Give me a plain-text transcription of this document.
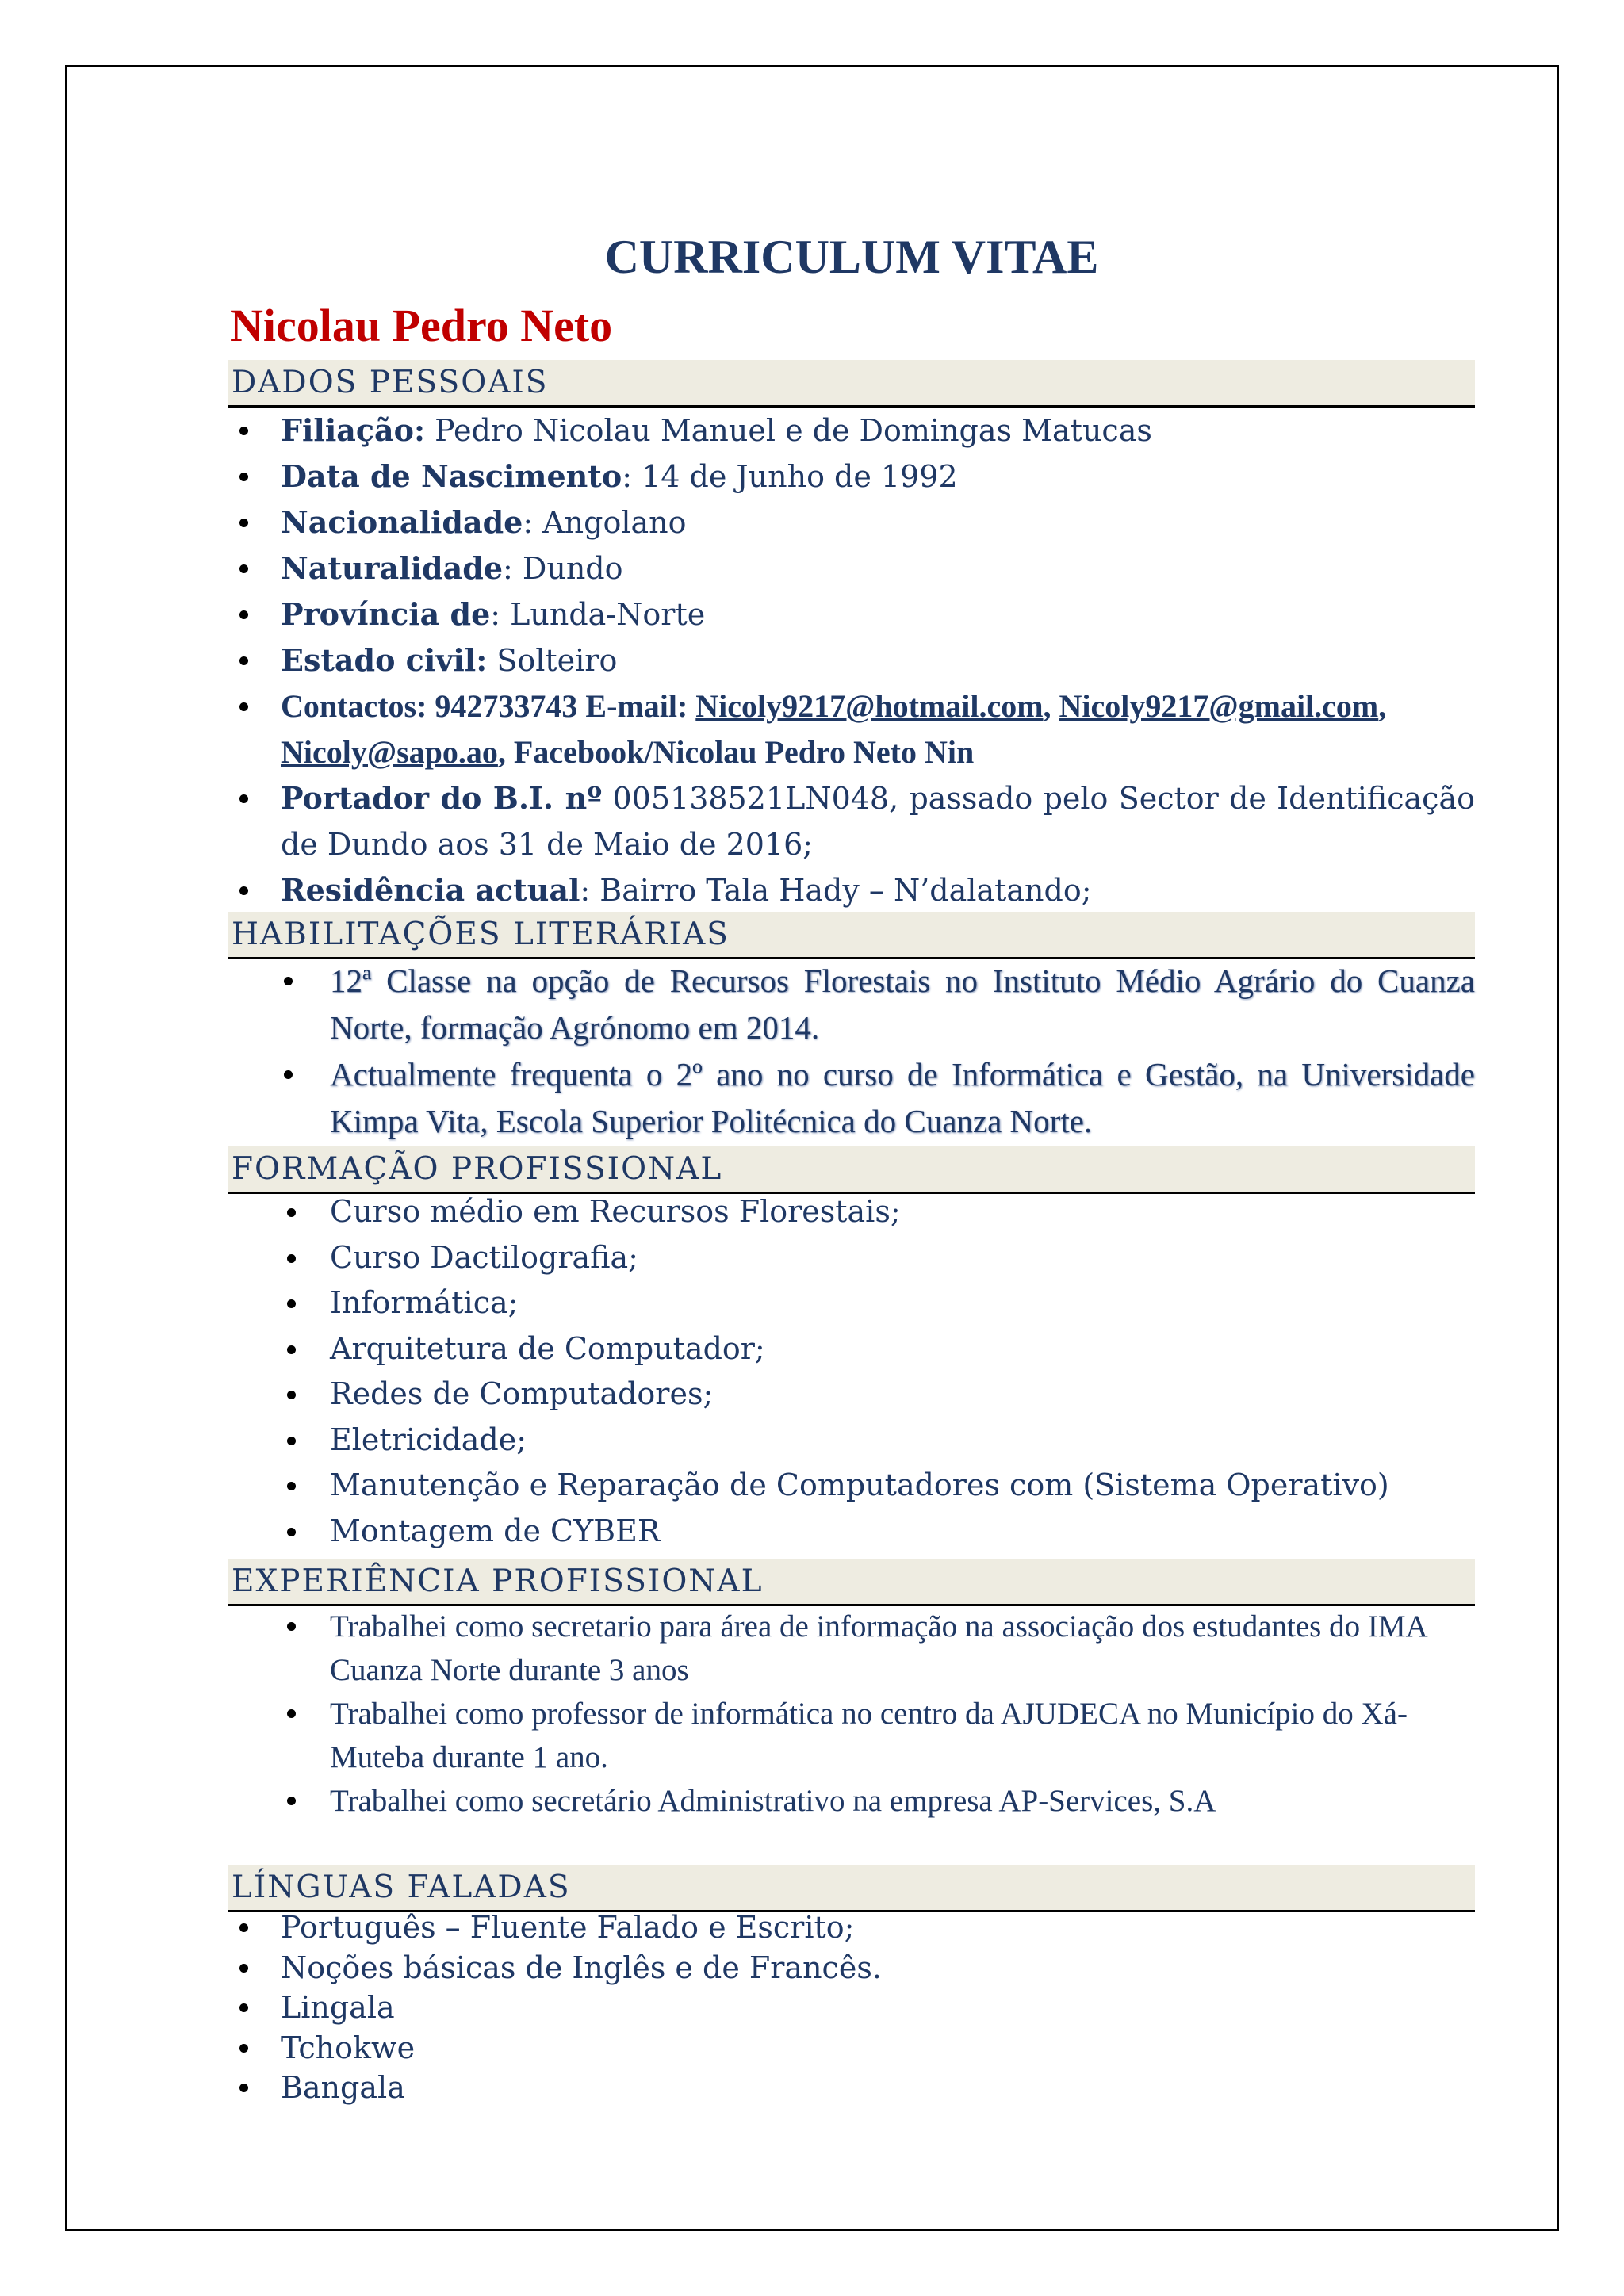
CURRICULUM VITAE
Nicolau Pedro Neto
DADOS PESSOAIS
Filiação: Pedro Nicolau Manuel e de Domingas Matucas
Data de Nascimento: 14 de Junho de 1992
Nacionalidade: Angolano
Naturalidade: Dundo
Província de: Lunda-Norte
Estado civil: Solteiro
Contactos: 942733743 E-mail: Nicoly9217@hotmail.com, Nicoly9217@gmail.com, Nicoly@sapo.ao, Facebook/Nicolau Pedro Neto Nin
Portador do B.I. nº 005138521LN048, passado pelo Sector de Identificação de Dundo aos 31 de Maio de 2016;
Residência actual: Bairro Tala Hady – N’dalatando;
HABILITAÇÕES LITERÁRIAS
12ª Classe na opção de Recursos Florestais no Instituto Médio Agrário do Cuanza Norte, formação Agrónomo em 2014.
Actualmente frequenta o 2º ano no curso de Informática e Gestão, na Universidade Kimpa Vita, Escola Superior Politécnica do Cuanza Norte.
FORMAÇÃO PROFISSIONAL
Curso médio em Recursos Florestais;
Curso Dactilografia;
Informática;
Arquitetura de Computador;
Redes de Computadores;
Eletricidade;
Manutenção e Reparação de Computadores com (Sistema Operativo)
Montagem de CYBER
EXPERIÊNCIA PROFISSIONAL
Trabalhei como secretario para área de informação na associação dos estudantes do IMA Cuanza Norte durante 3 anos
Trabalhei como professor de informática no centro da AJUDECA no Município do Xá-Muteba durante 1 ano.
Trabalhei como secretário Administrativo na empresa AP-Services, S.A
LÍNGUAS FALADAS
Português – Fluente Falado e Escrito;
Noções básicas de Inglês e de Francês.
Lingala
Tchokwe
Bangala
